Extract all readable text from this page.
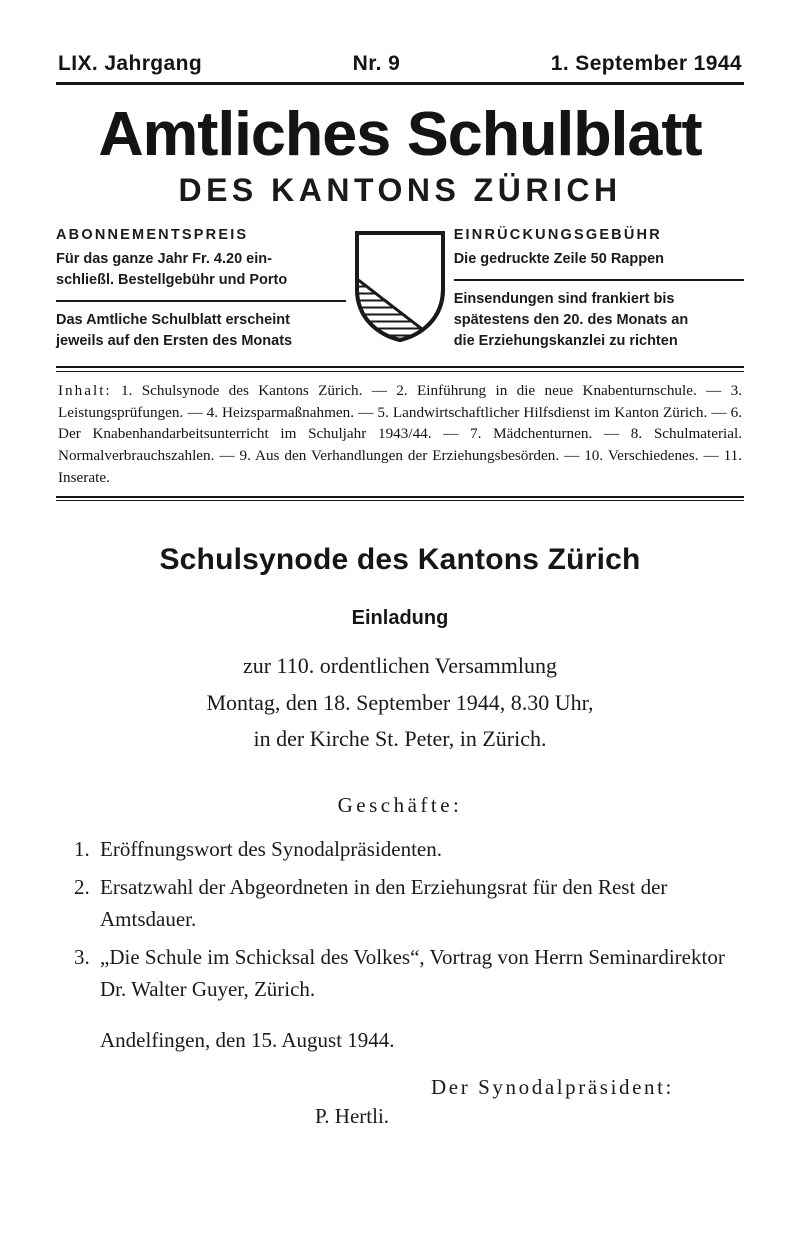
LIX. Jahrgang	Nr. 9	1. September 1944
Amtliches Schulblatt
DES KANTONS ZÜRICH
ABONNEMENTSPREIS
Für das ganze Jahr Fr. 4.20 ein-
schließl. Bestellgebühr und Porto
Das Amtliche Schulblatt erscheint
jeweils auf den Ersten des Monats
EINRÜCKUNGSGEBÜHR
Die gedruckte Zeile 50 Rappen
Einsendungen sind frankiert bis
spätestens den 20. des Monats an
die Erziehungskanzlei zu richten
Inhalt: 1. Schulsynode des Kantons Zürich. — 2. Einführung in die neue Knabenturnschule. — 3. Leistungsprüfungen. — 4. Heizsparmaßnahmen. — 5. Landwirtschaftlicher Hilfsdienst im Kanton Zürich. — 6. Der Knabenhandarbeitsunterricht im Schuljahr 1943/44. — 7. Mädchenturnen. — 8. Schulmaterial. Normalverbrauchszahlen. — 9. Aus den Verhandlungen der Erziehungsbesörden. — 10. Verschiedenes. — 11. Inserate.
Schulsynode des Kantons Zürich
Einladung

zur 110. ordentlichen Versammlung

Montag, den 18. September 1944, 8.30 Uhr,

in der Kirche St. Peter, in Zürich.

Geschäfte:
1. Eröffnungswort des Synodalpräsidenten.
2. Ersatzwahl der Abgeordneten in den Erziehungsrat für den Rest der Amtsdauer.
3. „Die Schule im Schicksal des Volkes“, Vortrag von Herrn Seminardirektor Dr. Walter Guyer, Zürich.
Andelfingen, den 15. August 1944.
Der Synodalpräsident:
P. Hertli.
